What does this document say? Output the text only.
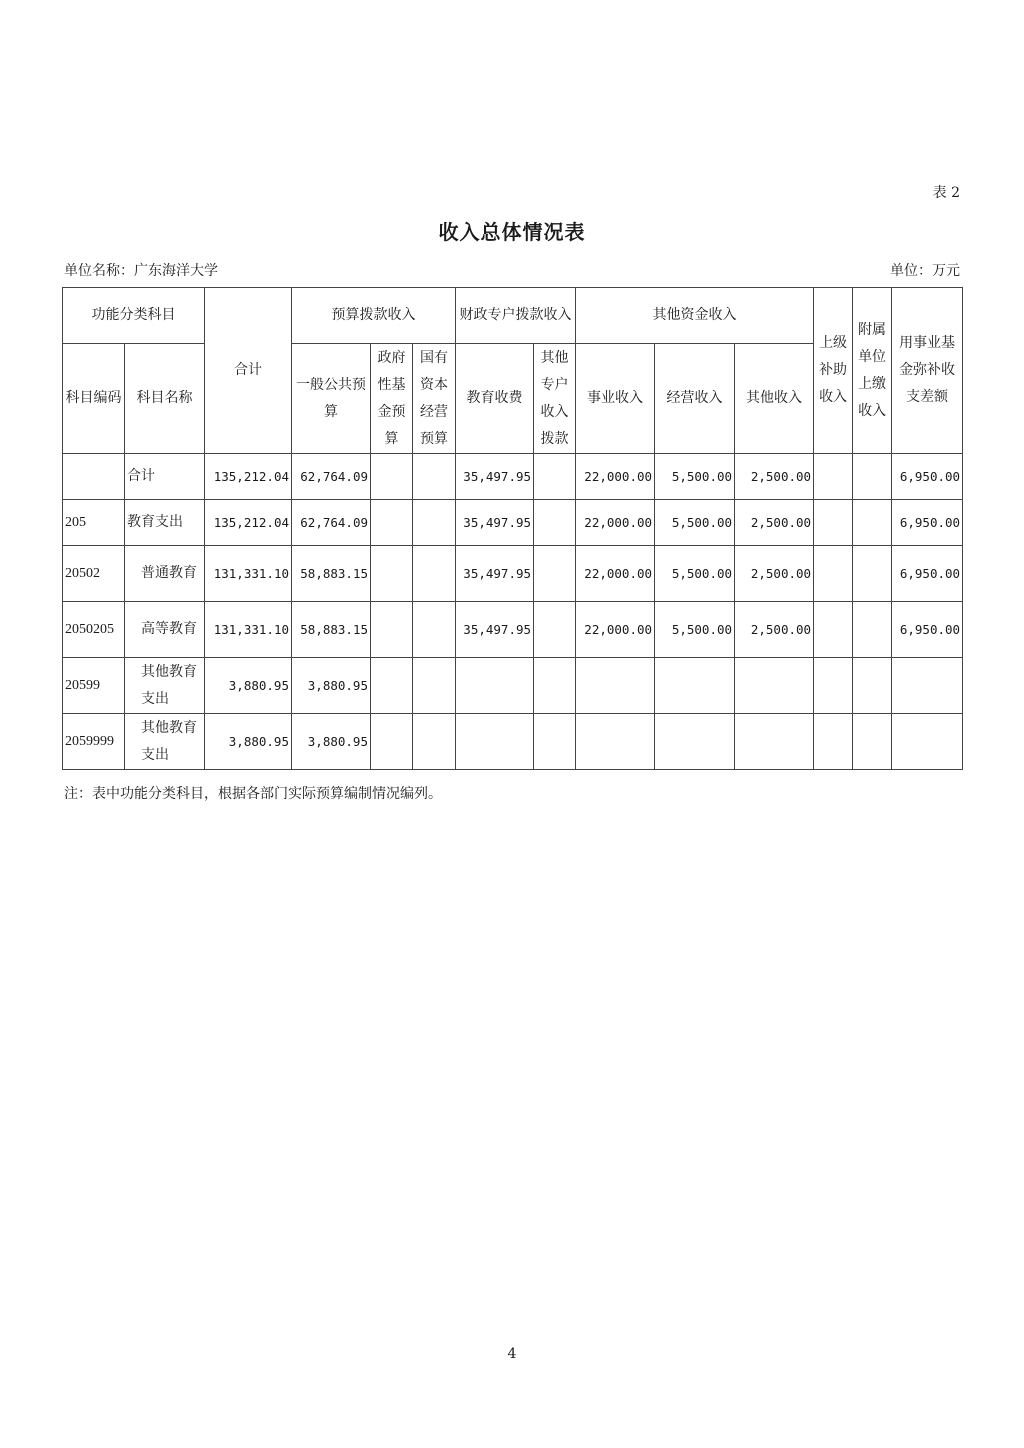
表 2
收入总体情况表
单位名称：广东海洋大学	单位：万元
功能分类科目		合计	预算拨款收入			财政专户拨款收入		其他资金收入			上级补助收入	附属单位上缴收入	用事业基金弥补收支差额
科目编码	科目名称		一般公共预算	政府性基金预算	国有资本经营预算	教育收费	其他专户收入拨款	事业收入	经营收入	其他收入			
	合计	135,212.04	62,764.09			35,497.95		22,000.00	5,500.00	2,500.00			6,950.00
205	教育支出	135,212.04	62,764.09			35,497.95		22,000.00	5,500.00	2,500.00			6,950.00
20502	普通教育	131,331.10	58,883.15			35,497.95		22,000.00	5,500.00	2,500.00			6,950.00
2050205	高等教育	131,331.10	58,883.15			35,497.95		22,000.00	5,500.00	2,500.00			6,950.00
20599	其他教育支出	3,880.95	3,880.95										
2059999	其他教育支出	3,880.95	3,880.95										
注：表中功能分类科目，根据各部门实际预算编制情况编列。
4
